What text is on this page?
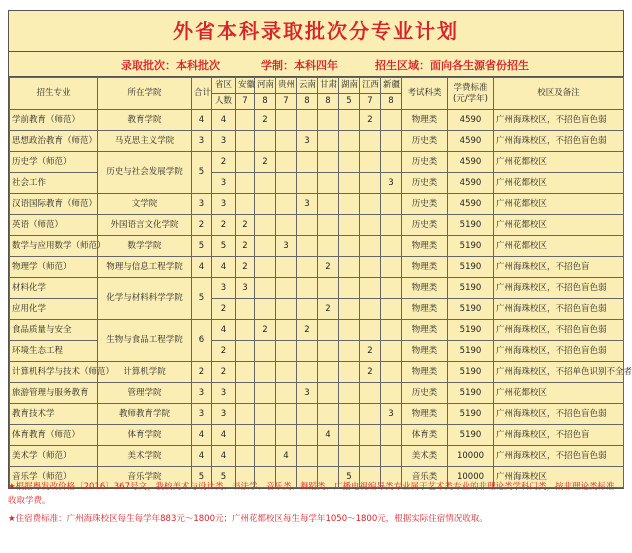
外省本科录取批次分专业计划
录取批次：本科批次	学制：本科四年	招生区域：面向各生源省份招生
招生专业	所在学院	合计	省区	安徽	河南	贵州	云南	甘肃	湖南	江西	新疆	考试科类	学费标准
(元/学年)	校区及备注
			人数	7	8	7	8	8	5	7	8			
学前教育（师范）	教育学院	4	4		2					2		物理类	4590	广州海珠校区，不招色盲色弱
思想政治教育（师范）	马克思主义学院	3	3				3					历史类	4590	广州海珠校区，不招色盲色弱
历史学（师范）	历史与社会发展学院	5	2		2							历史类	4590	广州花都校区
社会工作			3								3	历史类	4590	广州花都校区
汉语国际教育（师范）	文学院	3	3				3					历史类	4590	广州花都校区
英语（师范）	外国语言文化学院	2	2	2								历史类	5190	广州花都校区
数学与应用数学（师范）	数学学院	5	5	2		3						物理类	5190	广州花都校区
物理学（师范）	物理与信息工程学院	4	4	2				2				物理类	5190	广州海珠校区，不招色盲
材料化学	化学与材料科学学院	5	3	3								物理类	5190	广州海珠校区，不招色盲色弱
应用化学			2					2				物理类	5190	广州海珠校区，不招色盲色弱
食品质量与安全	生物与食品工程学院	6	4		2		2					物理类	5190	广州海珠校区，不招色盲色弱
环境生态工程			2							2		物理类	5190	广州海珠校区，不招色盲色弱
计算机科学与技术（师范）	计算机学院	2	2							2		物理类	5190	广州海珠校区，不招单色识别不全者
旅游管理与服务教育	管理学院	3	3				3					历史类	5190	广州花都校区
教育技术学	教师教育学院	3	3								3	物理类	5190	广州海珠校区，不招色盲色弱
体育教育（师范）	体育学院	4	4					4				体育类	5190	广州海珠校区，不招色盲
美术学（师范）	美术学院	4	4			4						美术类	10000	广州海珠校区，不招色盲色弱
音乐学（师范）	音乐学院	5	5						5			音乐类	10000	广州海珠校区

★根据粤发改价格〔2016〕367号文，我校美术与设计类、书法学、音乐类、舞蹈类、广播电视编导类专业属于艺术类专业的非理论类学科门类，按非理论类标准收取学费。

★住宿费标准：广州海珠校区每生每学年883元～1800元；广州花都校区每生每学年1050～1800元，根据实际住宿情况收取。
